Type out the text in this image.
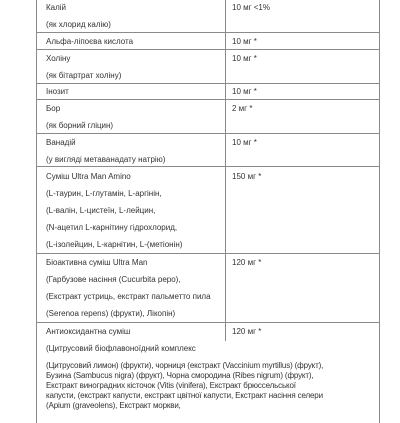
Калій
(як хлорид калію)
10 мг <1%
Альфа-ліпоєва кислота	10 мг *
Холіну
(як бітартрат холіну)
10 мг *
Інозит	10 мг *
Бор
(як борний гліцин)
2 мг *
Ванадій
(у вигляді метаванадату натрію)
10 мг *
Суміш Ultra Man Amino
(L-таурин, L-глутамін, L-аргінін,
(L-валін, L-цистеїн, L-лейцин,
(N-ацетил L-карнітину гідрохлорид,
(L-ізолейцин, L-карнітин, L-(метіонін)
150 мг *
Біоактивна суміш Ultra Man
(Гарбузове насіння (Cucurbita pepo),
(Екстракт устриць, екстракт пальметто пила
(Serenoa repens) (фрукти), Лікопін)
120 мг *
Антиоксидантна суміш
(Цитрусовий біофлавоноїдний комплекс
(Цитрусовий лимон) (фрукти), чорниця (екстракт (Vaccinium myrtillus) (фрукт),
Бузина (Sambucus nigra) (фрукт), Чорна смородина (Ribes nigrum) (фрукт),
Екстракт виноградних кісточок (Vitis (vinifera), Екстракт брюссельської
капусти, (екстракт капусти, екстракт цвітної капусти, Екстракт насіння селери
(Apium (graveolens), Екстракт моркви,
120 мг *
